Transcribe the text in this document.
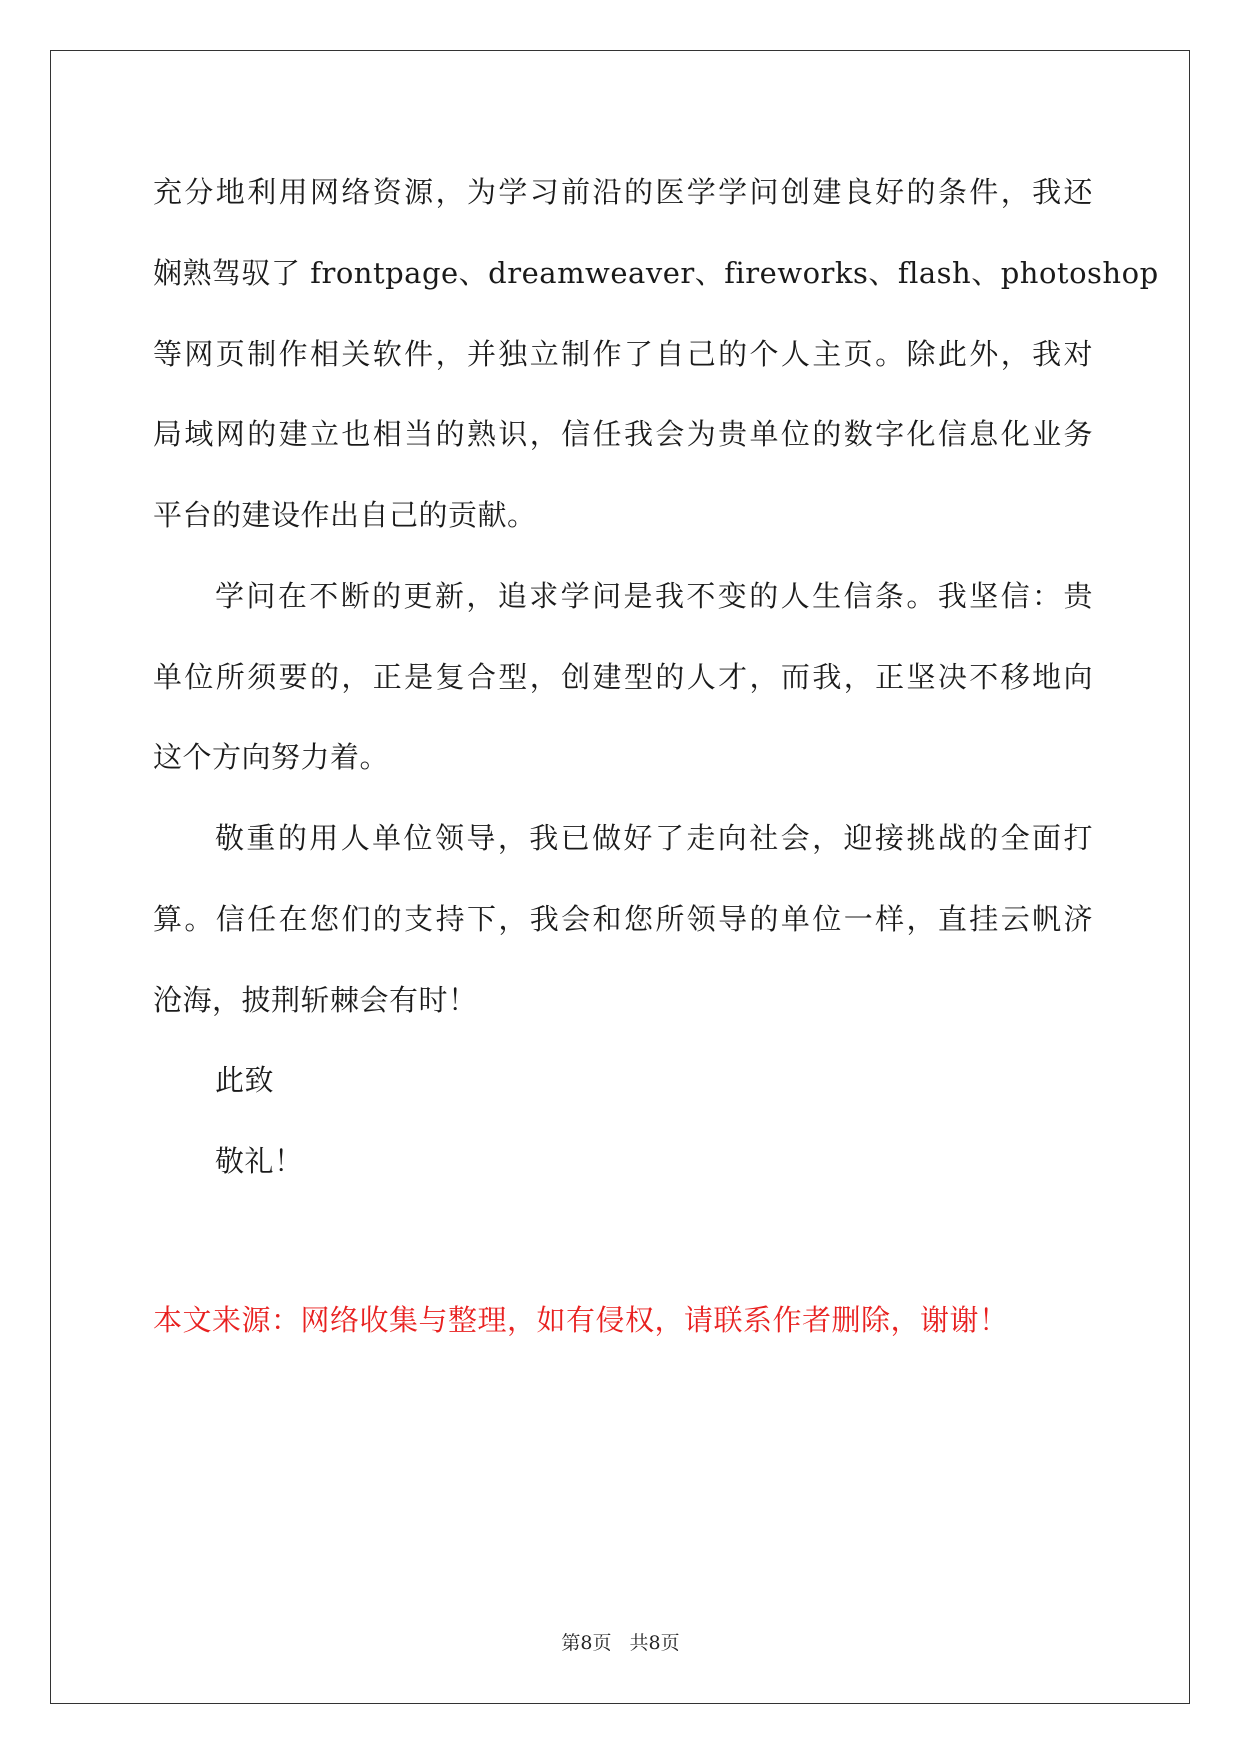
充分地利用网络资源，为学习前沿的医学学问创建良好的条件，我还
娴熟驾驭了 frontpage、dreamweaver、fireworks、flash、photoshop
等网页制作相关软件，并独立制作了自己的个人主页。除此外，我对
局域网的建立也相当的熟识，信任我会为贵单位的数字化信息化业务
平台的建设作出自己的贡献。
学问在不断的更新，追求学问是我不变的人生信条。我坚信：贵
单位所须要的，正是复合型，创建型的人才，而我，正坚决不移地向
这个方向努力着。
敬重的用人单位领导，我已做好了走向社会，迎接挑战的全面打
算。信任在您们的支持下，我会和您所领导的单位一样，直挂云帆济
沧海，披荆斩棘会有时！
此致
敬礼！
本文来源：网络收集与整理，如有侵权，请联系作者删除，谢谢！
第8页 共8页
